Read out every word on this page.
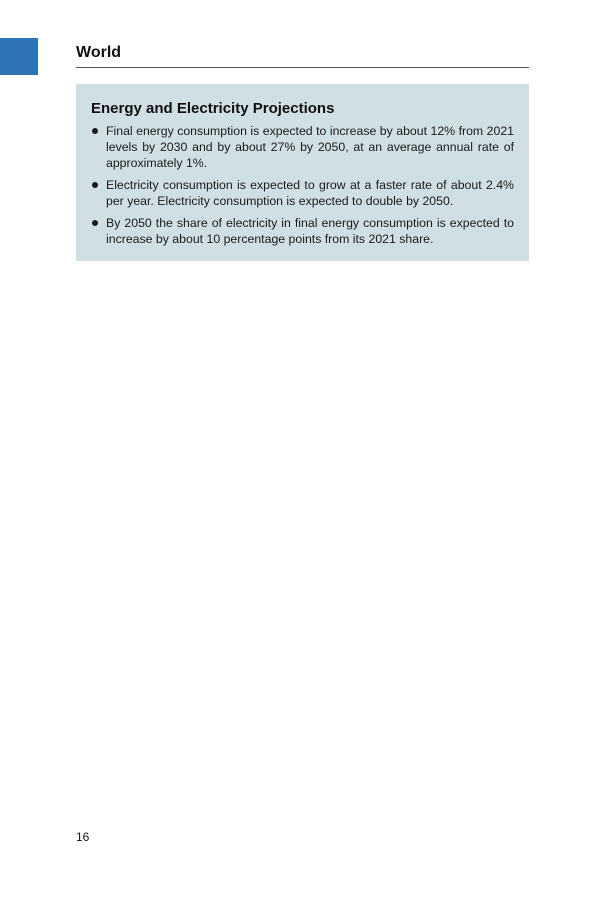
World
Energy and Electricity Projections
Final energy consumption is expected to increase by about 12% from 2021 levels by 2030 and by about 27% by 2050, at an average annual rate of approximately 1%.
Electricity consumption is expected to grow at a faster rate of about 2.4% per year. Electricity consumption is expected to double by 2050.
By 2050 the share of electricity in final energy consumption is expected to increase by about 10 percentage points from its 2021 share.
16
